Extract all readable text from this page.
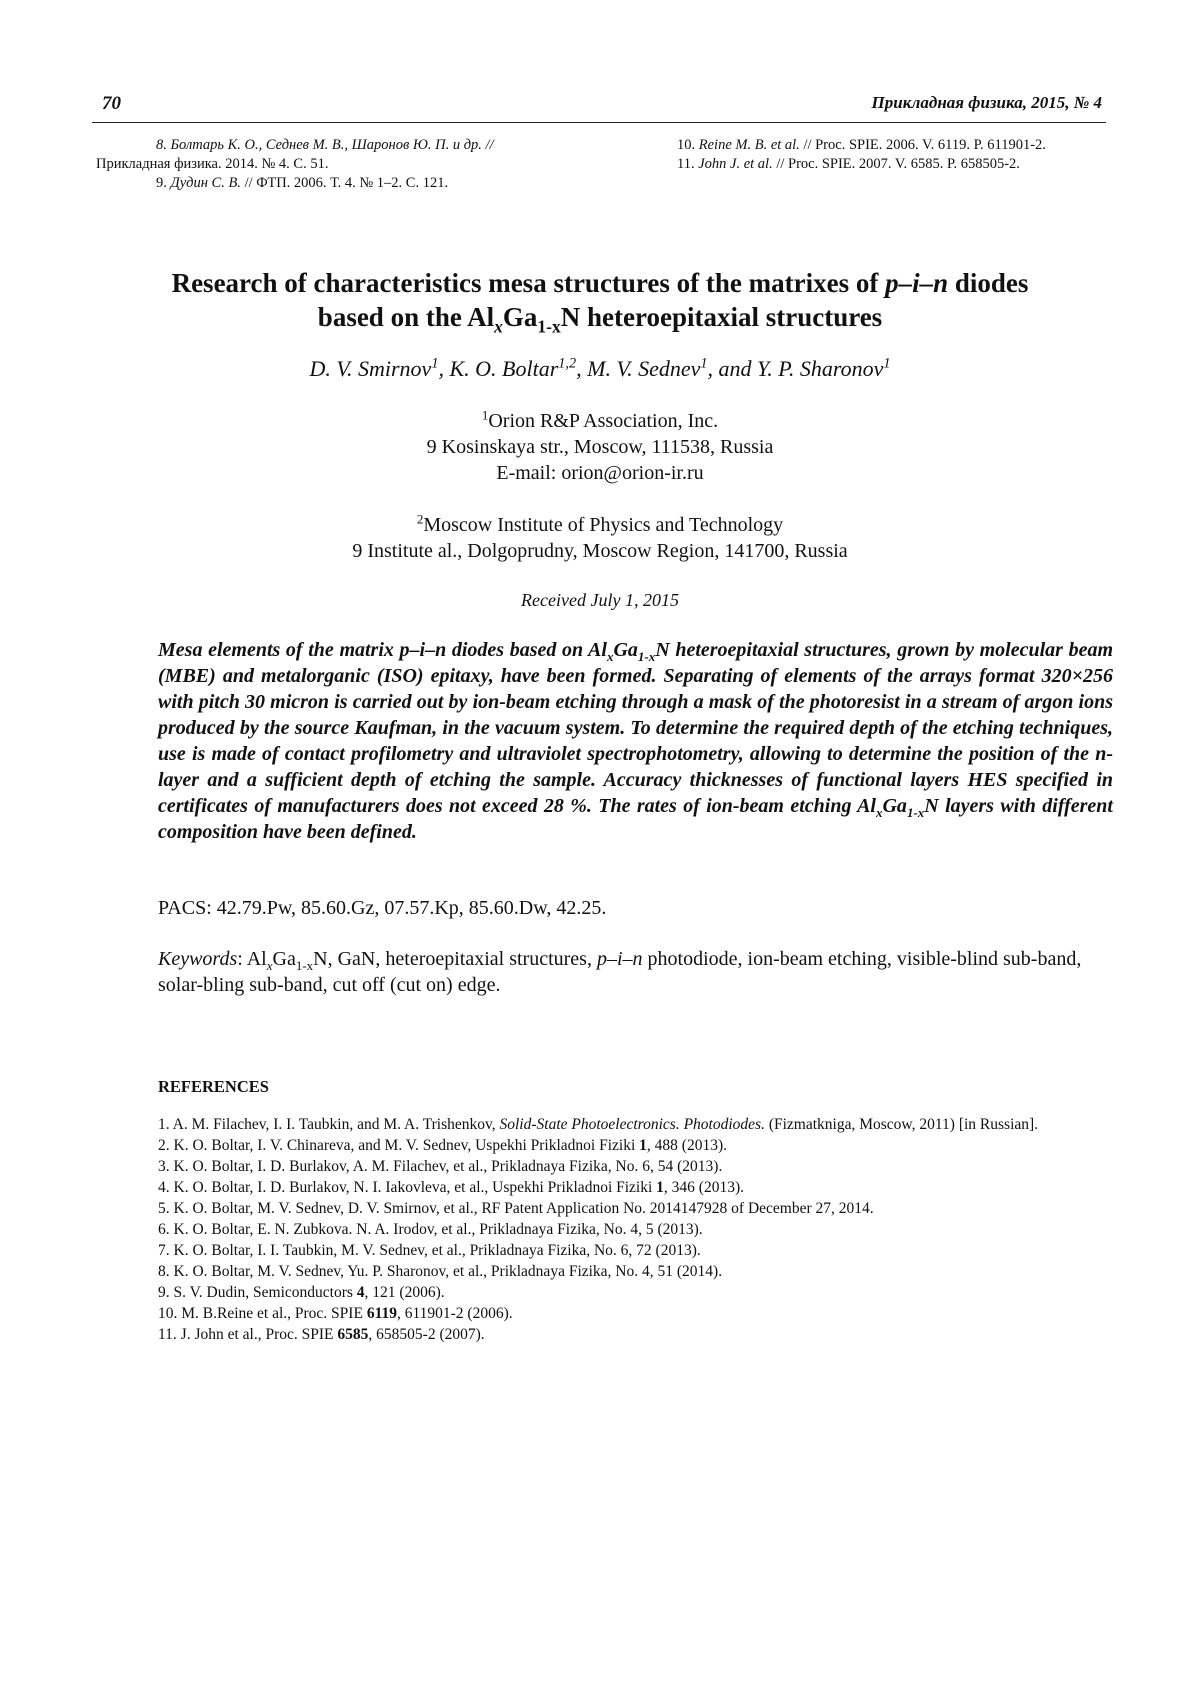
70	Прикладная физика, 2015, № 4
8. Болтарь К. О., Седнев М. В., Шаронов Ю. П. и др. //
Прикладная физика. 2014. № 4. С. 51.
9. Дудин С. В. // ФТП. 2006. Т. 4. № 1–2. С. 121.
10. Reine M. B. et al. // Proc. SPIE. 2006. V. 6119. P. 611901-2.
11. John J. et al. // Proc. SPIE. 2007. V. 6585. P. 658505-2.
Research of characteristics mesa structures of the matrixes of p–i–n diodes
based on the $Al_xGa_{1-x}N$ heteroepitaxial structures
D. V. Smirnov$^1$, K. O. Boltar$^{1,2}$, M. V. Sednev$^1$, and Y. P. Sharonov$^1$
$^1$Orion R&P Association, Inc.
9 Kosinskaya str., Moscow, 111538, Russia
E-mail: orion@orion-ir.ru
$^2$Moscow Institute of Physics and Technology
9 Institute al., Dolgoprudny, Moscow Region, 141700, Russia
Received July 1, 2015
Mesa elements of the matrix p–i–n diodes based on $Al_xGa_{1-x}N$ heteroepitaxial structures, grown by molecular beam (MBE) and metalorganic (ISO) epitaxy, have been formed. Separating of elements of the arrays format 320×256 with pitch 30 micron is carried out by ion-beam etching through a mask of the photoresist in a stream of argon ions produced by the source Kaufman, in the vacuum system. To determine the required depth of the etching techniques, use is made of contact profilometry and ultraviolet spectrophotometry, allowing to determine the position of the n-layer and a sufficient depth of etching the sample. Accuracy thicknesses of functional layers HES specified in certificates of manufacturers does not exceed 28 %. The rates of ion-beam etching $Al_xGa_{1-x}N$ layers with different composition have been defined.
PACS: 42.79.Pw, 85.60.Gz, 07.57.Kp, 85.60.Dw, 42.25.
Keywords: $Al_xGa_{1-x}N$, GaN, heteroepitaxial structures, p–i–n photodiode, ion-beam etching, visible-blind sub-band, solar-bling sub-band, cut off (cut on) edge.
REFERENCES
1. A. M. Filachev, I. I. Taubkin, and M. A. Trishenkov, Solid-State Photoelectronics. Photodiodes. (Fizmatkniga, Moscow, 2011) [in Russian].
2. K. O. Boltar, I. V. Chinareva, and M. V. Sednev, Uspekhi Prikladnoi Fiziki 1, 488 (2013).
3. K. O. Boltar, I. D. Burlakov, A. M. Filachev, et al., Prikladnaya Fizika, No. 6, 54 (2013).
4. K. O. Boltar, I. D. Burlakov, N. I. Iakovleva, et al., Uspekhi Prikladnoi Fiziki 1, 346 (2013).
5. K. O. Boltar, M. V. Sednev, D. V. Smirnov, et al., RF Patent Application No. 2014147928 of December 27, 2014.
6. K. O. Boltar, E. N. Zubkova. N. A. Irodov, et al., Prikladnaya Fizika, No. 4, 5 (2013).
7. K. O. Boltar, I. I. Taubkin, M. V. Sednev, et al., Prikladnaya Fizika, No. 6, 72 (2013).
8. K. O. Boltar, M. V. Sednev, Yu. P. Sharonov, et al., Prikladnaya Fizika, No. 4, 51 (2014).
9. S. V. Dudin, Semiconductors 4, 121 (2006).
10. M. B.Reine et al., Proc. SPIE 6119, 611901-2 (2006).
11. J. John et al., Proc. SPIE 6585, 658505-2 (2007).
